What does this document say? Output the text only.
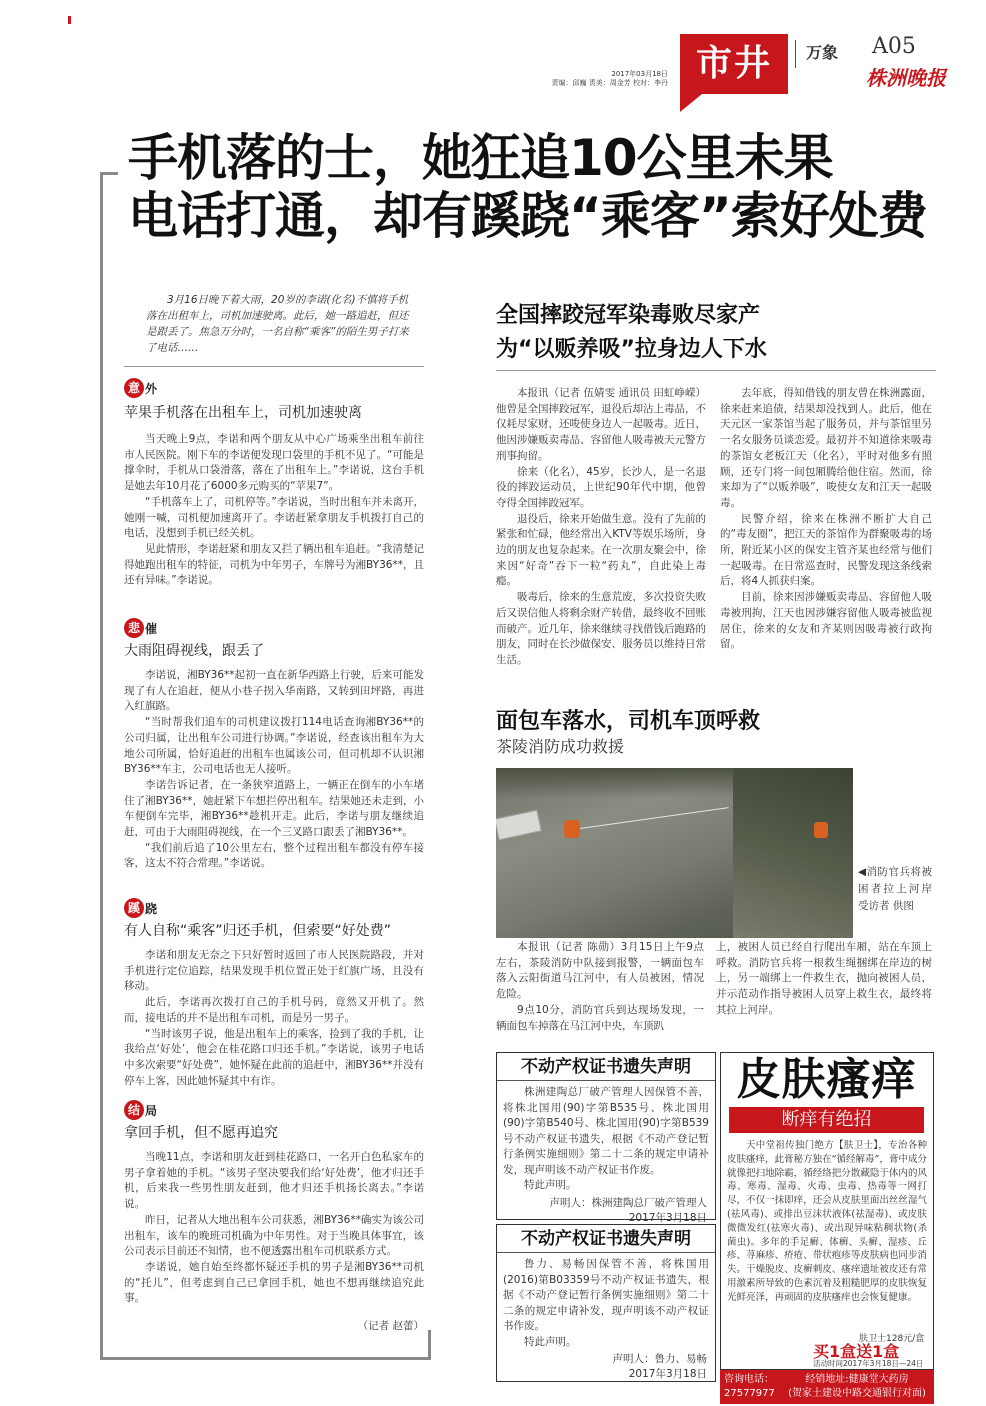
2017年03月18日
责编：邱巍 责美：周金芳 校对：李丹 市井	万象 A05
株洲晚报
手机落的士，她狂追10公里未果
电话打通，却有蹊跷“乘客”索好处费
3月16日晚下着大雨，20岁的李诺(化名)不慎将手机落在出租车上，司机加速驶离。此后，她一路追赶，但还是跟丢了。焦急万分时，一名自称“乘客”的陌生男子打来了电话……
意 外
苹果手机落在出租车上，司机加速驶离

当天晚上9点，李诺和两个朋友从中心广场乘坐出租车前往市人民医院。刚下车的李诺便发现口袋里的手机不见了。“可能是撑伞时，手机从口袋滑落，落在了出租车上。”李诺说，这台手机是她去年10月花了6000多元购买的“苹果7”。

“手机落车上了，司机停等。”李诺说，当时出租车并未离开，她刚一喊，司机便加速离开了。李诺赶紧拿朋友手机拨打自己的电话，没想到手机已经关机。

见此情形，李诺赶紧和朋友又拦了辆出租车追赶。“我清楚记得她跑出租车的特征，司机为中年男子，车牌号为湘BY36**，且还有异味。”李诺说。

悲 催
大雨阻碍视线，跟丢了

李诺说，湘BY36**起初一直在新华西路上行驶，后来可能发现了有人在追赶，便从小巷子拐入华南路，又转到田坪路，再进入红旗路。

“当时帮我们追车的司机建议拨打114电话查询湘BY36**的公司归属，让出租车公司进行协调。”李诺说，经查该出租车为大地公司所属，恰好追赶的出租车也属该公司，但司机却不认识湘BY36**车主，公司电话也无人接听。

李诺告诉记者，在一条狭窄道路上，一辆正在倒车的小车堵住了湘BY36**，她赶紧下车想拦停出租车。结果她还未走到，小车便倒车完毕，湘BY36**趁机开走。此后，李诺与朋友继续追赶，可由于大雨阻碍视线，在一个三叉路口跟丢了湘BY36**。

“我们前后追了10公里左右，整个过程出租车都没有停车接客，这太不符合常理。”李诺说。

蹊 跷
有人自称“乘客”归还手机，但索要“好处费”

李诺和朋友无奈之下只好暂时返回了市人民医院路段，并对手机进行定位追踪，结果发现手机位置正处于红旗广场，且没有移动。

此后，李诺再次拨打自己的手机号码，竟然又开机了。然而，接电话的并不是出租车司机，而是另一男子。

“当时该男子说，他是出租车上的乘客，捡到了我的手机，让我给点‘好处’，他会在桂花路口归还手机。”李诺说，该男子电话中多次索要“好处费”，她怀疑在此前的追赶中，湘BY36**并没有停车上客，因此她怀疑其中有诈。

结 局
拿回手机，但不愿再追究

当晚11点，李诺和朋友赶到桂花路口，一名开白色私家车的男子拿着她的手机。“该男子坚决要我们给‘好处费’，他才归还手机，后来我一些男性朋友赶到，他才归还手机扬长离去。”李诺说。

昨日，记者从大地出租车公司获悉，湘BY36**确实为该公司出租车，该车的晚班司机确为中年男性。对于当晚具体事宜，该公司表示目前还不知情，也不便透露出租车司机联系方式。

李诺说，她自始至终都怀疑还手机的男子是湘BY36**司机的“托儿”，但考虑到自己已拿回手机，她也不想再继续追究此事。

（记者 赵蕾）
全国摔跤冠军染毒败尽家产
为“以贩养吸”拉身边人下水

本报讯（记者 伍婧雯 通讯员 田虹峥嵘）他曾是全国摔跤冠军，退役后却沾上毒品，不仅耗尽家财，还唆使身边人一起吸毒。近日，他因涉嫌贩卖毒品、容留他人吸毒被天元警方刑事拘留。

徐来（化名），45岁，长沙人，是一名退役的摔跤运动员，上世纪90年代中期，他曾夺得全国摔跤冠军。

退役后，徐来开始做生意。没有了先前的紧张和忙碌，他经常出入KTV等娱乐场所，身边的朋友也复杂起来。在一次朋友聚会中，徐来因“好奇”吞下一粒“药丸”，自此染上毒瘾。

吸毒后，徐来的生意荒废，多次投资失败后又误信他人将剩余财产转借，最终收不回账而破产。近几年，徐来继续寻找借钱后跑路的朋友，同时在长沙做保安、服务员以维持日常生活。

去年底，得知借钱的朋友曾在株洲露面，徐来赶来追债，结果却没找到人。此后，他在天元区一家茶馆当起了服务员，并与茶馆里另一名女服务员谈恋爱。最初并不知道徐来吸毒的茶馆女老板江天（化名），平时对他多有照顾，还专门将一间包厢腾给他住宿。然而，徐来却为了“以贩养吸”，唆使女友和江天一起吸毒。

民警介绍，徐来在株洲不断扩大自己的“毒友圈”，把江天的茶馆作为群聚吸毒的场所，附近某小区的保安主管齐某也经常与他们一起吸毒。在日常巡查时，民警发现这条线索后，将4人抓获归案。

目前，徐来因涉嫌贩卖毒品、容留他人吸毒被刑拘，江天也因涉嫌容留他人吸毒被监视居住，徐来的女友和齐某则因吸毒被行政拘留。

面包车落水，司机车顶呼救
茶陵消防成功救援
◀消防官兵将被困者拉上河岸 受访者 供图

本报讯（记者 陈勋）3月15日上午9点左右，茶陵消防中队接到报警，一辆面包车落入云阳街道马江河中，有人员被困，情况危险。

9点10分，消防官兵到达现场发现，一辆面包车掉落在马江河中央，车顶趴

上，被困人员已经自行爬出车厢，站在车顶上呼救。消防官兵将一根救生绳捆绑在岸边的树上，另一端绑上一件救生衣，抛向被困人员，并示范动作指导被困人员穿上救生衣，最终将其拉上河岸。

不动产权证书遗失声明

株洲建陶总厂破产管理人因保管不善，将株北国用(90)字第B535号、株北国用(90)字第B540号、株北国用(90)字第B539号不动产权证书遗失，根据《不动产登记暂行条例实施细则》第二十二条的规定申请补发，现声明该不动产权证书作废。

特此声明。

声明人：株洲建陶总厂破产管理人
2017年3月18日
不动产权证书遗失声明

鲁力、易畅因保管不善，将株国用(2016)第B03359号不动产权证书遗失，根据《不动产登记暂行条例实施细则》第二十二条的规定申请补发，现声明该不动产权证书作废。

特此声明。

声明人：鲁力、易畅
2017年3月18日
皮肤瘙痒
断痒有绝招
天中堂祖传独门绝方【肤卫士】，专治各种皮肤瘙痒，此膏秘方独在“循经解毒”，膏中成分就像把扫地除霸，循经络把分散藏隐于体内的风毒、寒毒、湿毒、火毒、虫毒、热毒等一网打尽，不仅一抹即痒，还会从皮肤里面出丝丝湿气(祛风毒)、或排出豆沫状液体(祛湿毒)、或皮肤微微发红(祛寒火毒)、或出现异味粘稠状物(杀菌虫)。多年的手足癣、体癣、头癣、湿疹、丘疹、荨麻疹、疥疮、带状疱疹等皮肤病也同步消失。干燥脱皮、皮癣刺皮、瘙痒遗址被皮还有常用激素所导致的色素沉着及粗糙肥厚的皮肤恢复光鲜亮泽，再顽固的皮肤瘙痒也会恢复健康。
肤卫士128元/盒
买1盒送1盒
活动时间2017年3月18日—24日
咨询电话：
27577977
经销地址:健康堂大药房
(贺家土建设中路交通银行对面)
